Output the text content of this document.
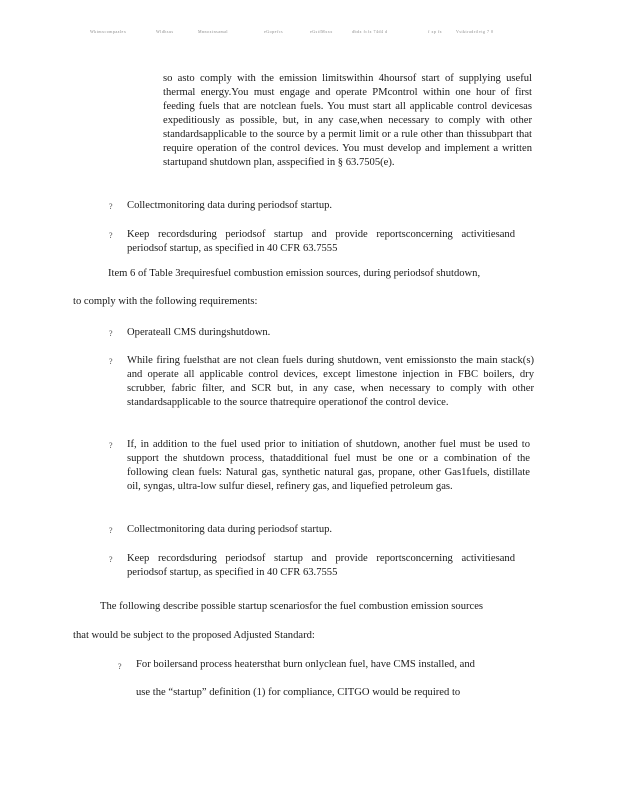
Wktmxcompaalex	Wldhsus	Mnnoxinsamal	eGopefcs	eGstfMxxx	dbdx fcfx 74d4 d	f xp fx	Vstktradrtlvtg 7 0
so asto comply with the emission limitswithin 4hoursof start of supplying useful thermal energy.You must engage and operate PMcontrol within one hour of first feeding fuels that are notclean fuels. You must start all applicable control devicesas expeditiously as possible, but, in any case,when necessary to comply with other standardsapplicable to the source by a permit limit or a rule other than thissubpart that require operation of the control devices. You must develop and implement a written startupand shutdown plan, asspecified in § 63.7505(e).
? Collectmonitoring data during periodsof startup.
? Keep recordsduring periodsof startup and provide reportsconcerning activitiesand periodsof startup, as specified in 40 CFR 63.7555
Item 6 of Table 3requiresfuel combustion emission sources, during periodsof shutdown,
to comply with the following requirements:
? Operateall CMS duringshutdown.
? While firing fuelsthat are not clean fuels during shutdown, vent emissionsto the main stack(s) and operate all applicable control devices, except limestone injection in FBC boilers, dry scrubber, fabric filter, and SCR but, in any case, when necessary to comply with other standardsapplicable to the source thatrequire operationof the control device.
? If, in addition to the fuel used prior to initiation of shutdown, another fuel must be used to support the shutdown process, thatadditional fuel must be one or a combination of the following clean fuels: Natural gas, synthetic natural gas, propane, other Gas1fuels, distillate oil, syngas, ultra-low sulfur diesel, refinery gas, and liquefied petroleum gas.
? Collectmonitoring data during periodsof startup.
? Keep recordsduring periodsof startup and provide reportsconcerning activitiesand periodsof startup, as specified in 40 CFR 63.7555
The following describe possible startup scenariosfor the fuel combustion emission sources
that would be subject to the proposed Adjusted Standard:
? For boilersand process heatersthat burn onlyclean fuel, have CMS installed, and
use the “startup” definition (1) for compliance, CITGO would be required to
